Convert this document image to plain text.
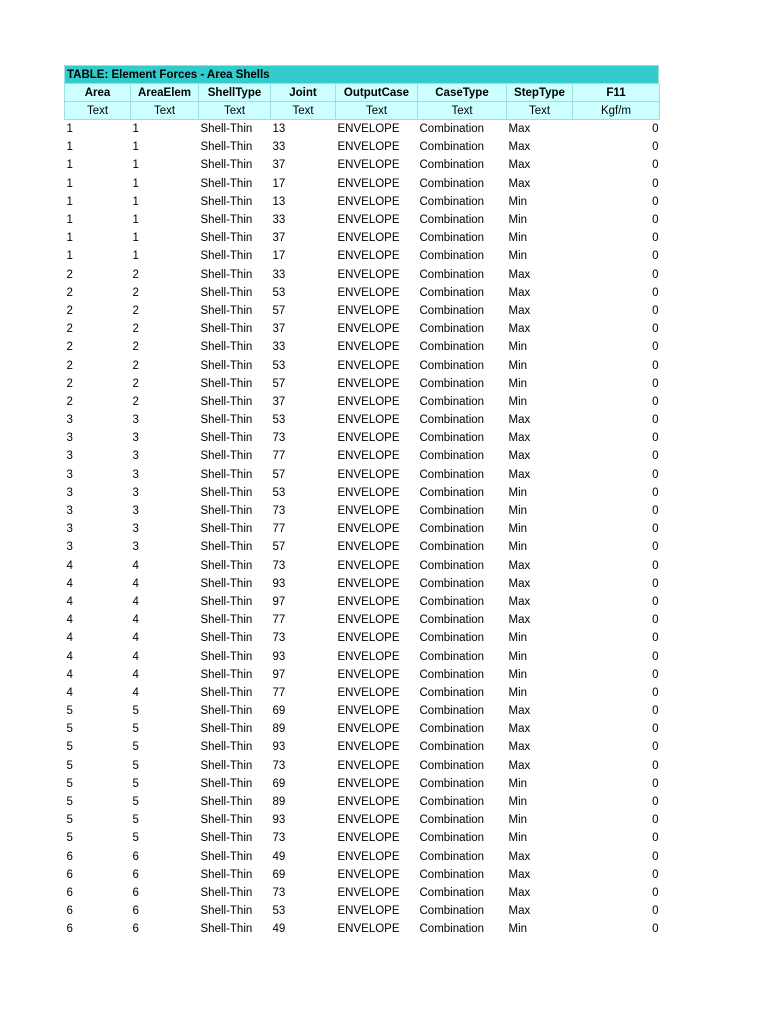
TABLE: Element Forces - Area Shells
Area	AreaElem	ShellType	Joint	OutputCase	CaseType	StepType	F11
Text	Text	Text	Text	Text	Text	Text	Kgf/m
1	1	Shell-Thin	13	ENVELOPE	Combination	Max	0
1	1	Shell-Thin	33	ENVELOPE	Combination	Max	0
1	1	Shell-Thin	37	ENVELOPE	Combination	Max	0
1	1	Shell-Thin	17	ENVELOPE	Combination	Max	0
1	1	Shell-Thin	13	ENVELOPE	Combination	Min	0
1	1	Shell-Thin	33	ENVELOPE	Combination	Min	0
1	1	Shell-Thin	37	ENVELOPE	Combination	Min	0
1	1	Shell-Thin	17	ENVELOPE	Combination	Min	0
2	2	Shell-Thin	33	ENVELOPE	Combination	Max	0
2	2	Shell-Thin	53	ENVELOPE	Combination	Max	0
2	2	Shell-Thin	57	ENVELOPE	Combination	Max	0
2	2	Shell-Thin	37	ENVELOPE	Combination	Max	0
2	2	Shell-Thin	33	ENVELOPE	Combination	Min	0
2	2	Shell-Thin	53	ENVELOPE	Combination	Min	0
2	2	Shell-Thin	57	ENVELOPE	Combination	Min	0
2	2	Shell-Thin	37	ENVELOPE	Combination	Min	0
3	3	Shell-Thin	53	ENVELOPE	Combination	Max	0
3	3	Shell-Thin	73	ENVELOPE	Combination	Max	0
3	3	Shell-Thin	77	ENVELOPE	Combination	Max	0
3	3	Shell-Thin	57	ENVELOPE	Combination	Max	0
3	3	Shell-Thin	53	ENVELOPE	Combination	Min	0
3	3	Shell-Thin	73	ENVELOPE	Combination	Min	0
3	3	Shell-Thin	77	ENVELOPE	Combination	Min	0
3	3	Shell-Thin	57	ENVELOPE	Combination	Min	0
4	4	Shell-Thin	73	ENVELOPE	Combination	Max	0
4	4	Shell-Thin	93	ENVELOPE	Combination	Max	0
4	4	Shell-Thin	97	ENVELOPE	Combination	Max	0
4	4	Shell-Thin	77	ENVELOPE	Combination	Max	0
4	4	Shell-Thin	73	ENVELOPE	Combination	Min	0
4	4	Shell-Thin	93	ENVELOPE	Combination	Min	0
4	4	Shell-Thin	97	ENVELOPE	Combination	Min	0
4	4	Shell-Thin	77	ENVELOPE	Combination	Min	0
5	5	Shell-Thin	69	ENVELOPE	Combination	Max	0
5	5	Shell-Thin	89	ENVELOPE	Combination	Max	0
5	5	Shell-Thin	93	ENVELOPE	Combination	Max	0
5	5	Shell-Thin	73	ENVELOPE	Combination	Max	0
5	5	Shell-Thin	69	ENVELOPE	Combination	Min	0
5	5	Shell-Thin	89	ENVELOPE	Combination	Min	0
5	5	Shell-Thin	93	ENVELOPE	Combination	Min	0
5	5	Shell-Thin	73	ENVELOPE	Combination	Min	0
6	6	Shell-Thin	49	ENVELOPE	Combination	Max	0
6	6	Shell-Thin	69	ENVELOPE	Combination	Max	0
6	6	Shell-Thin	73	ENVELOPE	Combination	Max	0
6	6	Shell-Thin	53	ENVELOPE	Combination	Max	0
6	6	Shell-Thin	49	ENVELOPE	Combination	Min	0
